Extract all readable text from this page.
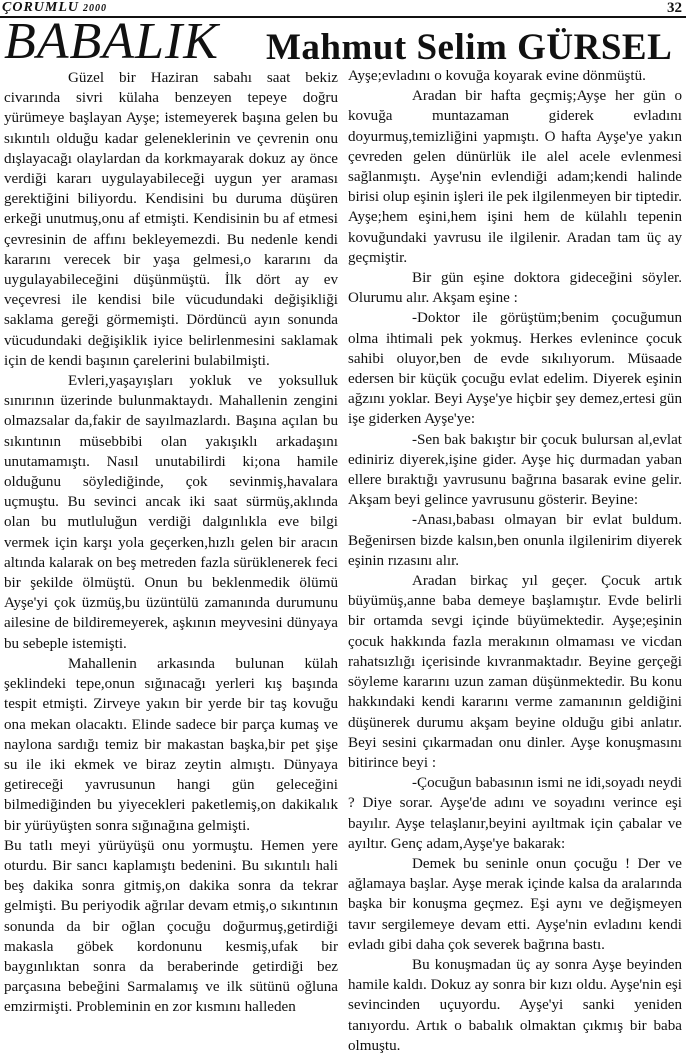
ÇORUMLU 2000	32
BABALIK Mahmut Selim GÜRSEL

Güzel bir Haziran sabahı saat bekiz civarında sivri külaha benzeyen tepeye doğru yürümeye başlayan Ayşe; istemeyerek başına gelen bu sıkıntılı olduğu kadar geleneklerinin ve çevrenin onu dışlayacağı olaylardan da korkmayarak dokuz ay önce verdiği kararı uygulayabileceği uygun yer araması gerektiğini biliyordu. Kendisini bu duruma düşüren erkeği unutmuş,onu af etmişti. Kendisinin bu af etmesi çevresinin de affını bekleyemezdi. Bu nedenle kendi kararını verecek bir yaşa gelmesi,o kararını da uygulayabileceğini düşünmüştü. İlk dört ay ev veçevresi ile kendisi bile vücudundaki değişikliği saklama gereği görmemişti. Dördüncü ayın sonunda vücudundaki değişiklik iyice belirlenmesini saklamak için de kendi başının çarelerini bulabilmişti.

Evleri,yaşayışları yokluk ve yoksulluk sınırının üzerinde bulunmaktaydı. Mahallenin zengini olmazsalar da,fakir de sayılmazlardı. Başına açılan bu sıkıntının müsebbibi olan yakışıklı arkadaşını unutamamıştı. Nasıl unutabilirdi ki;ona hamile olduğunu söylediğinde, çok sevinmiş,havalara uçmuştu. Bu sevinci ancak iki saat sürmüş,aklında olan bu mutluluğun verdiği dalgınlıkla eve bilgi vermek için karşı yola geçerken,hızlı gelen bir aracın altında kalarak on beş metreden fazla sürüklenerek feci bir şekilde ölmüştü. Onun bu beklenmedik ölümü Ayşe'yi çok üzmüş,bu üzüntülü zamanında durumunu ailesine de bildiremeyerek, aşkının meyvesini dünyaya bu sebeple istemişti.

Mahallenin arkasında bulunan külah şeklindeki tepe,onun sığınacağı yerleri kış başında tespit etmişti. Zirveye yakın bir yerde bir taş kovuğu ona mekan olacaktı. Elinde sadece bir parça kumaş ve naylona sardığı temiz bir makastan başka,bir pet şişe su ile iki ekmek ve biraz zeytin almıştı. Dünyaya getireceği yavrusunun hangi gün geleceğini bilmediğinden bu yiyecekleri paketlemiş,on dakikalık bir yürüyüşten sonra sığınağına gelmişti.

Bu tatlı meyi yürüyüşü onu yormuştu. Hemen yere oturdu. Bir sancı kaplamıştı bedenini. Bu sıkıntılı hali beş dakika sonra gitmiş,on dakika sonra da tekrar gelmişti. Bu periyodik ağrılar devam etmiş,o sıkıntının sonunda da bir oğlan çocuğu doğurmuş,getirdiği makasla göbek kordonunu kesmiş,ufak bir baygınlıktan sonra da beraberinde getirdiği bez parçasına bebeğini Sarmalamış ve ilk sütünü oğluna emzirmişti. Probleminin en zor kısmını halleden

Ayşe;evladını o kovuğa koyarak evine dönmüştü.

Aradan bir hafta geçmiş;Ayşe her gün o kovuğa muntazaman giderek evladını doyurmuş,temizliğini yapmıştı. O hafta Ayşe'ye yakın çevreden gelen dünürlük ile alel acele evlenmesi sağlanmıştı. Ayşe'nin evlendiği adam;kendi halinde birisi olup eşinin işleri ile pek ilgilenmeyen bir tiptedir. Ayşe;hem eşini,hem işini hem de külahlı tepenin kovuğundaki yavrusu ile ilgilenir. Aradan tam üç ay geçmiştir.

Bir gün eşine doktora gideceğini söyler. Olurumu alır. Akşam eşine :

-Doktor ile görüştüm;benim çocuğumun olma ihtimali pek yokmuş. Herkes evlenince çocuk sahibi oluyor,ben de evde sıkılıyorum. Müsaade edersen bir küçük çocuğu evlat edelim. Diyerek eşinin ağzını yoklar. Beyi Ayşe'ye hiçbir şey demez,ertesi gün işe giderken Ayşe'ye:

-Sen bak bakıştır bir çocuk bulursan al,evlat ediniriz diyerek,işine gider. Ayşe hiç durmadan yaban ellere bıraktığı yavrusunu bağrına basarak evine gelir. Akşam beyi gelince yavrusunu gösterir. Beyine:

-Anası,babası olmayan bir evlat buldum. Beğenirsen bizde kalsın,ben onunla ilgilenirim diyerek eşinin rızasını alır.

Aradan birkaç yıl geçer. Çocuk artık büyümüş,anne baba demeye başlamıştır. Evde belirli bir ortamda sevgi içinde büyümektedir. Ayşe;eşinin çocuk hakkında fazla merakının olmaması ve vicdan rahatsızlığı içerisinde kıvranmaktadır. Beyine gerçeği söyleme kararını uzun zaman düşünmektedir. Bu konu hakkındaki kendi kararını verme zamanının geldiğini düşünerek durumu akşam beyine olduğu gibi anlatır. Beyi sesini çıkarmadan onu dinler. Ayşe konuşmasını bitirince beyi :

-Çocuğun babasının ismi ne idi,soyadı neydi ? Diye sorar. Ayşe'de adını ve soyadını verince eşi bayılır. Ayşe telaşlanır,beyini ayıltmak için çabalar ve ayıltır. Genç adam,Ayşe'ye bakarak:

Demek bu seninle onun çocuğu ! Der ve ağlamaya başlar. Ayşe merak içinde kalsa da aralarında başka bir konuşma geçmez. Eşi aynı ve değişmeyen tavır sergilemeye devam etti. Ayşe'nin evladını kendi evladı gibi daha çok severek bağrına bastı.

Bu konuşmadan üç ay sonra Ayşe beyinden hamile kaldı. Dokuz ay sonra bir kızı oldu. Ayşe'nin eşi sevincinden uçuyordu. Ayşe'yi sanki yeniden tanıyordu. Artık o babalık olmaktan çıkmış bir baba olmuştu.
